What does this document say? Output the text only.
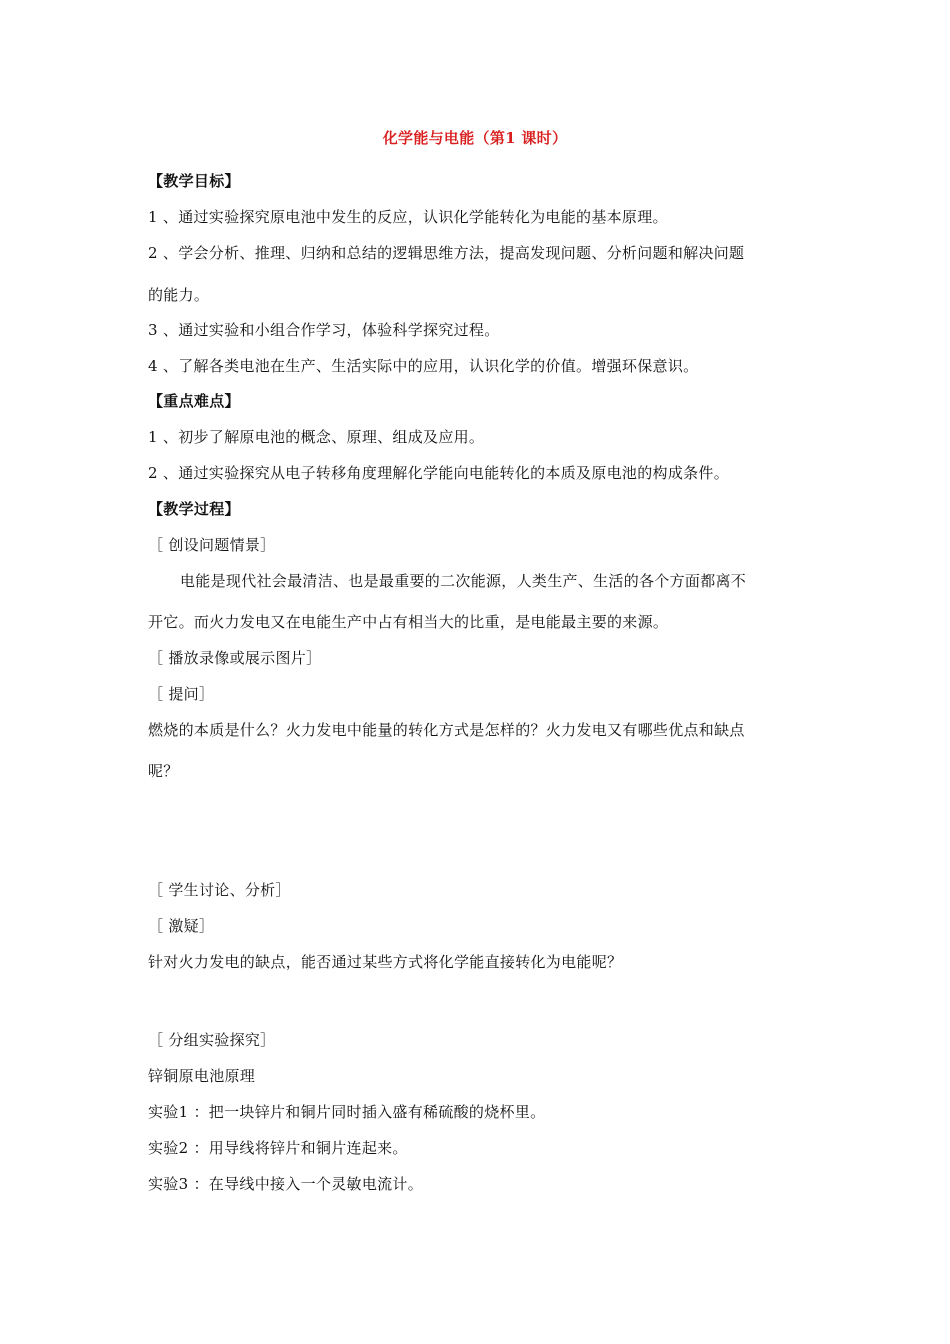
化学能与电能（第1 课时）
【教学目标】
1 、通过实验探究原电池中发生的反应，认识化学能转化为电能的基本原理。
2 、学会分析、推理、归纳和总结的逻辑思维方法，提高发现问题、分析问题和解决问题
的能力。
3 、通过实验和小组合作学习，体验科学探究过程。
4 、了解各类电池在生产、生活实际中的应用，认识化学的价值。增强环保意识。
【重点难点】
1 、初步了解原电池的概念、原理、组成及应用。
2 、通过实验探究从电子转移角度理解化学能向电能转化的本质及原电池的构成条件。
【教学过程】
［ 创设问题情景］
电能是现代社会最清洁、也是最重要的二次能源，人类生产、生活的各个方面都离不
开它。而火力发电又在电能生产中占有相当大的比重，是电能最主要的来源。
［ 播放录像或展示图片］
［ 提问］
燃烧的本质是什么？火力发电中能量的转化方式是怎样的？火力发电又有哪些优点和缺点
呢？
［ 学生讨论、分析］
［ 激疑］
针对火力发电的缺点，能否通过某些方式将化学能直接转化为电能呢？
［ 分组实验探究］
锌铜原电池原理
实验1 ：把一块锌片和铜片同时插入盛有稀硫酸的烧杯里。
实验2 ：用导线将锌片和铜片连起来。
实验3 ：在导线中接入一个灵敏电流计。
